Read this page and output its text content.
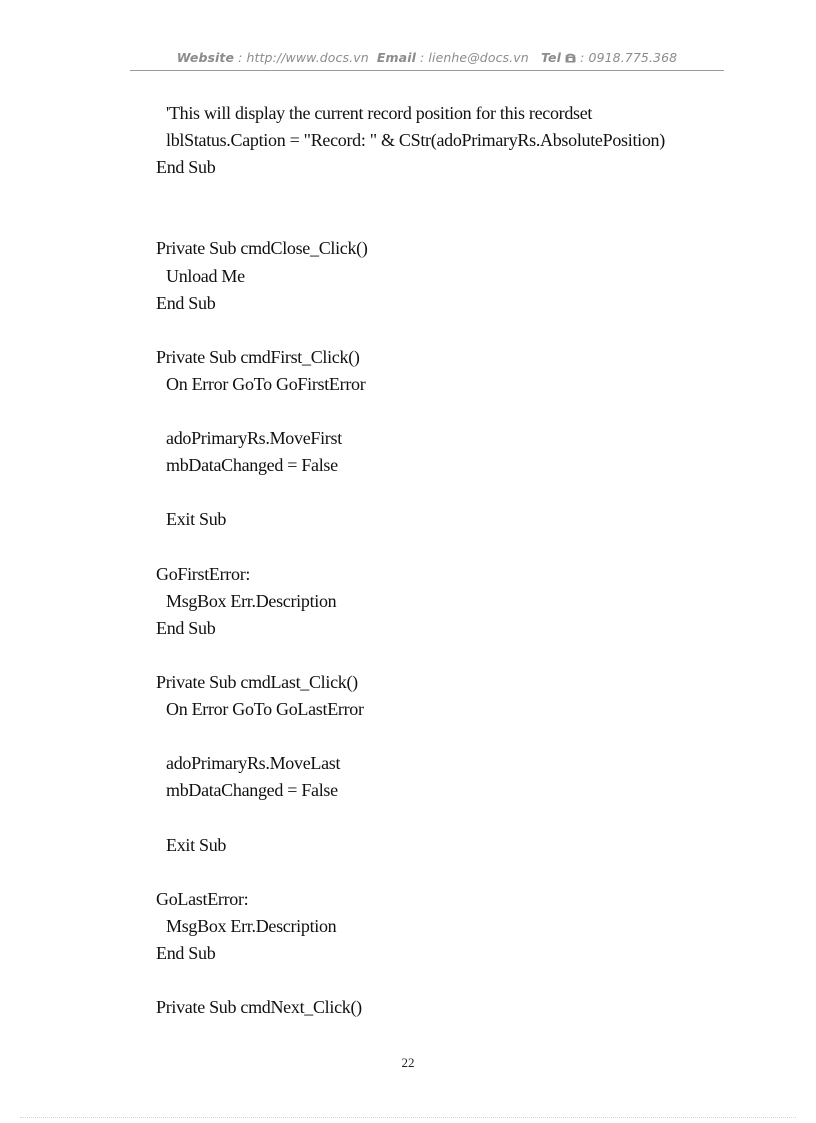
Website : http://www.docs.vn Email : lienhe@docs.vn Tel  : 0918.775.368
'This will display the current record position for this recordset
lblStatus.Caption = "Record: " & CStr(adoPrimaryRs.AbsolutePosition)
End Sub
Private Sub cmdClose_Click()
Unload Me
End Sub
Private Sub cmdFirst_Click()
On Error GoTo GoFirstError
adoPrimaryRs.MoveFirst
mbDataChanged = False
Exit Sub
GoFirstError:
MsgBox Err.Description
End Sub
Private Sub cmdLast_Click()
On Error GoTo GoLastError
adoPrimaryRs.MoveLast
mbDataChanged = False
Exit Sub
GoLastError:
MsgBox Err.Description
End Sub
Private Sub cmdNext_Click()
22
